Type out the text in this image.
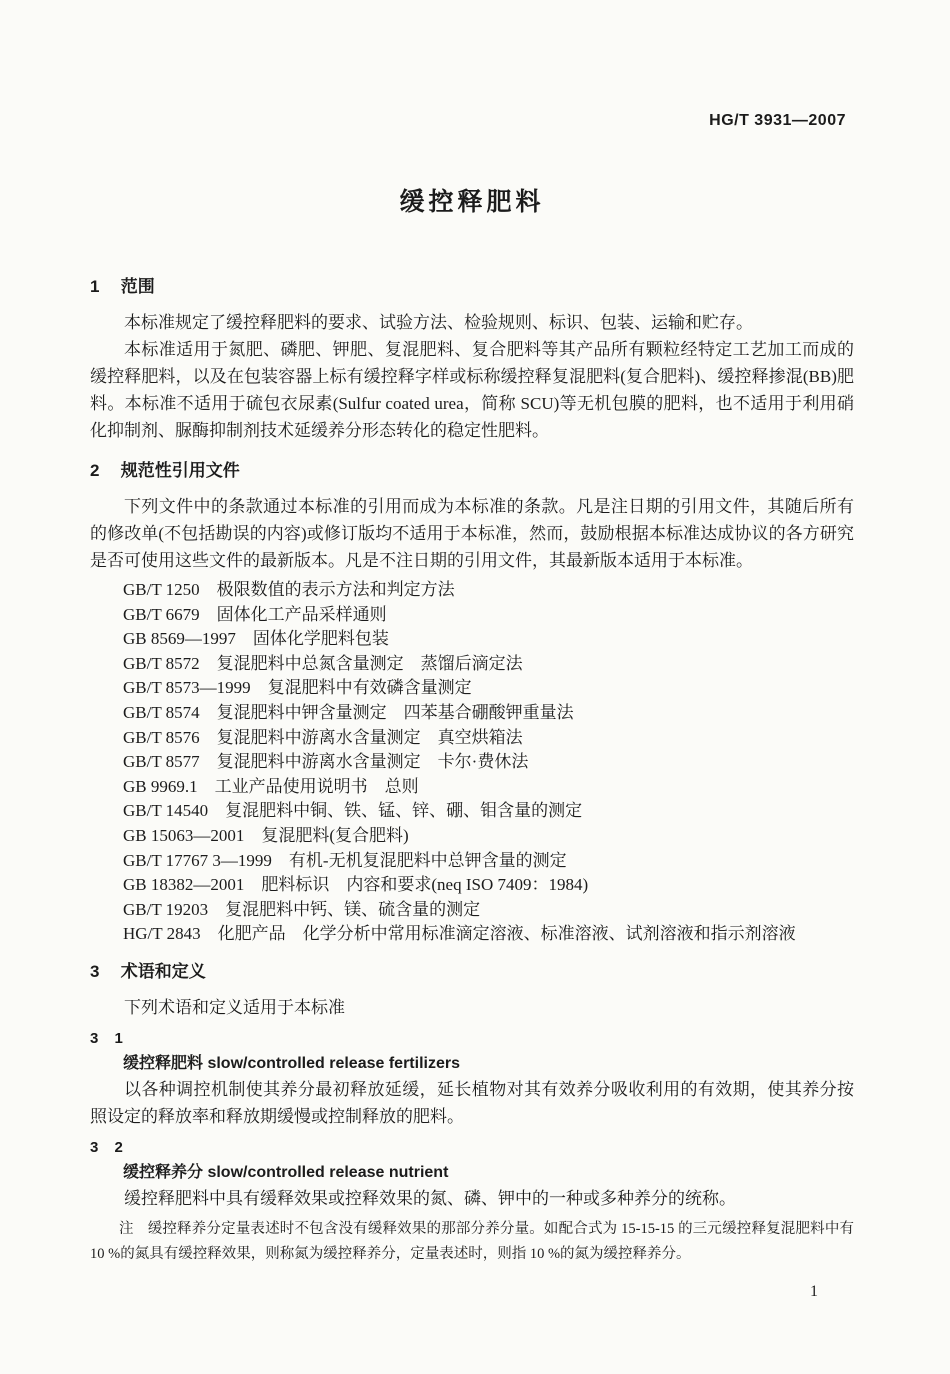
HG/T 3931—2007
缓控释肥料
1 范围

本标准规定了缓控释肥料的要求、试验方法、检验规则、标识、包装、运输和贮存。

本标准适用于氮肥、磷肥、钾肥、复混肥料、复合肥料等其产品所有颗粒经特定工艺加工而成的缓控释肥料，以及在包装容器上标有缓控释字样或标称缓控释复混肥料(复合肥料)、缓控释掺混(BB)肥料。本标准不适用于硫包衣尿素(Sulfur coated urea，简称 SCU)等无机包膜的肥料，也不适用于利用硝化抑制剂、脲酶抑制剂技术延缓养分形态转化的稳定性肥料。

2 规范性引用文件

下列文件中的条款通过本标准的引用而成为本标准的条款。凡是注日期的引用文件，其随后所有的修改单(不包括勘误的内容)或修订版均不适用于本标准，然而，鼓励根据本标准达成协议的各方研究是否可使用这些文件的最新版本。凡是不注日期的引用文件，其最新版本适用于本标准。

GB/T 1250 极限数值的表示方法和判定方法
GB/T 6679 固体化工产品采样通则
GB 8569—1997 固体化学肥料包装
GB/T 8572 复混肥料中总氮含量测定　蒸馏后滴定法
GB/T 8573—1999 复混肥料中有效磷含量测定
GB/T 8574 复混肥料中钾含量测定　四苯基合硼酸钾重量法
GB/T 8576 复混肥料中游离水含量测定　真空烘箱法
GB/T 8577 复混肥料中游离水含量测定　卡尔·费休法
GB 9969.1 工业产品使用说明书　总则
GB/T 14540 复混肥料中铜、铁、锰、锌、硼、钼含量的测定
GB 15063—2001 复混肥料(复合肥料)
GB/T 17767 3—1999 有机-无机复混肥料中总钾含量的测定
GB 18382—2001 肥料标识　内容和要求(neq ISO 7409：1984)
GB/T 19203 复混肥料中钙、镁、硫含量的测定
HG/T 2843 化肥产品　化学分析中常用标准滴定溶液、标准溶液、试剂溶液和指示剂溶液
3 术语和定义

下列术语和定义适用于本标准

3 1
缓控释肥料 slow/controlled release fertilizers

以各种调控机制使其养分最初释放延缓，延长植物对其有效养分吸收利用的有效期，使其养分按照设定的释放率和释放期缓慢或控制释放的肥料。

3 2
缓控释养分 slow/controlled release nutrient

缓控释肥料中具有缓释效果或控释效果的氮、磷、钾中的一种或多种养分的统称。

注 缓控释养分定量表述时不包含没有缓释效果的那部分养分量。如配合式为 15-15-15 的三元缓控释复混肥料中有 10 %的氮具有缓控释效果，则称氮为缓控释养分，定量表述时，则指 10 %的氮为缓控释养分。

1
